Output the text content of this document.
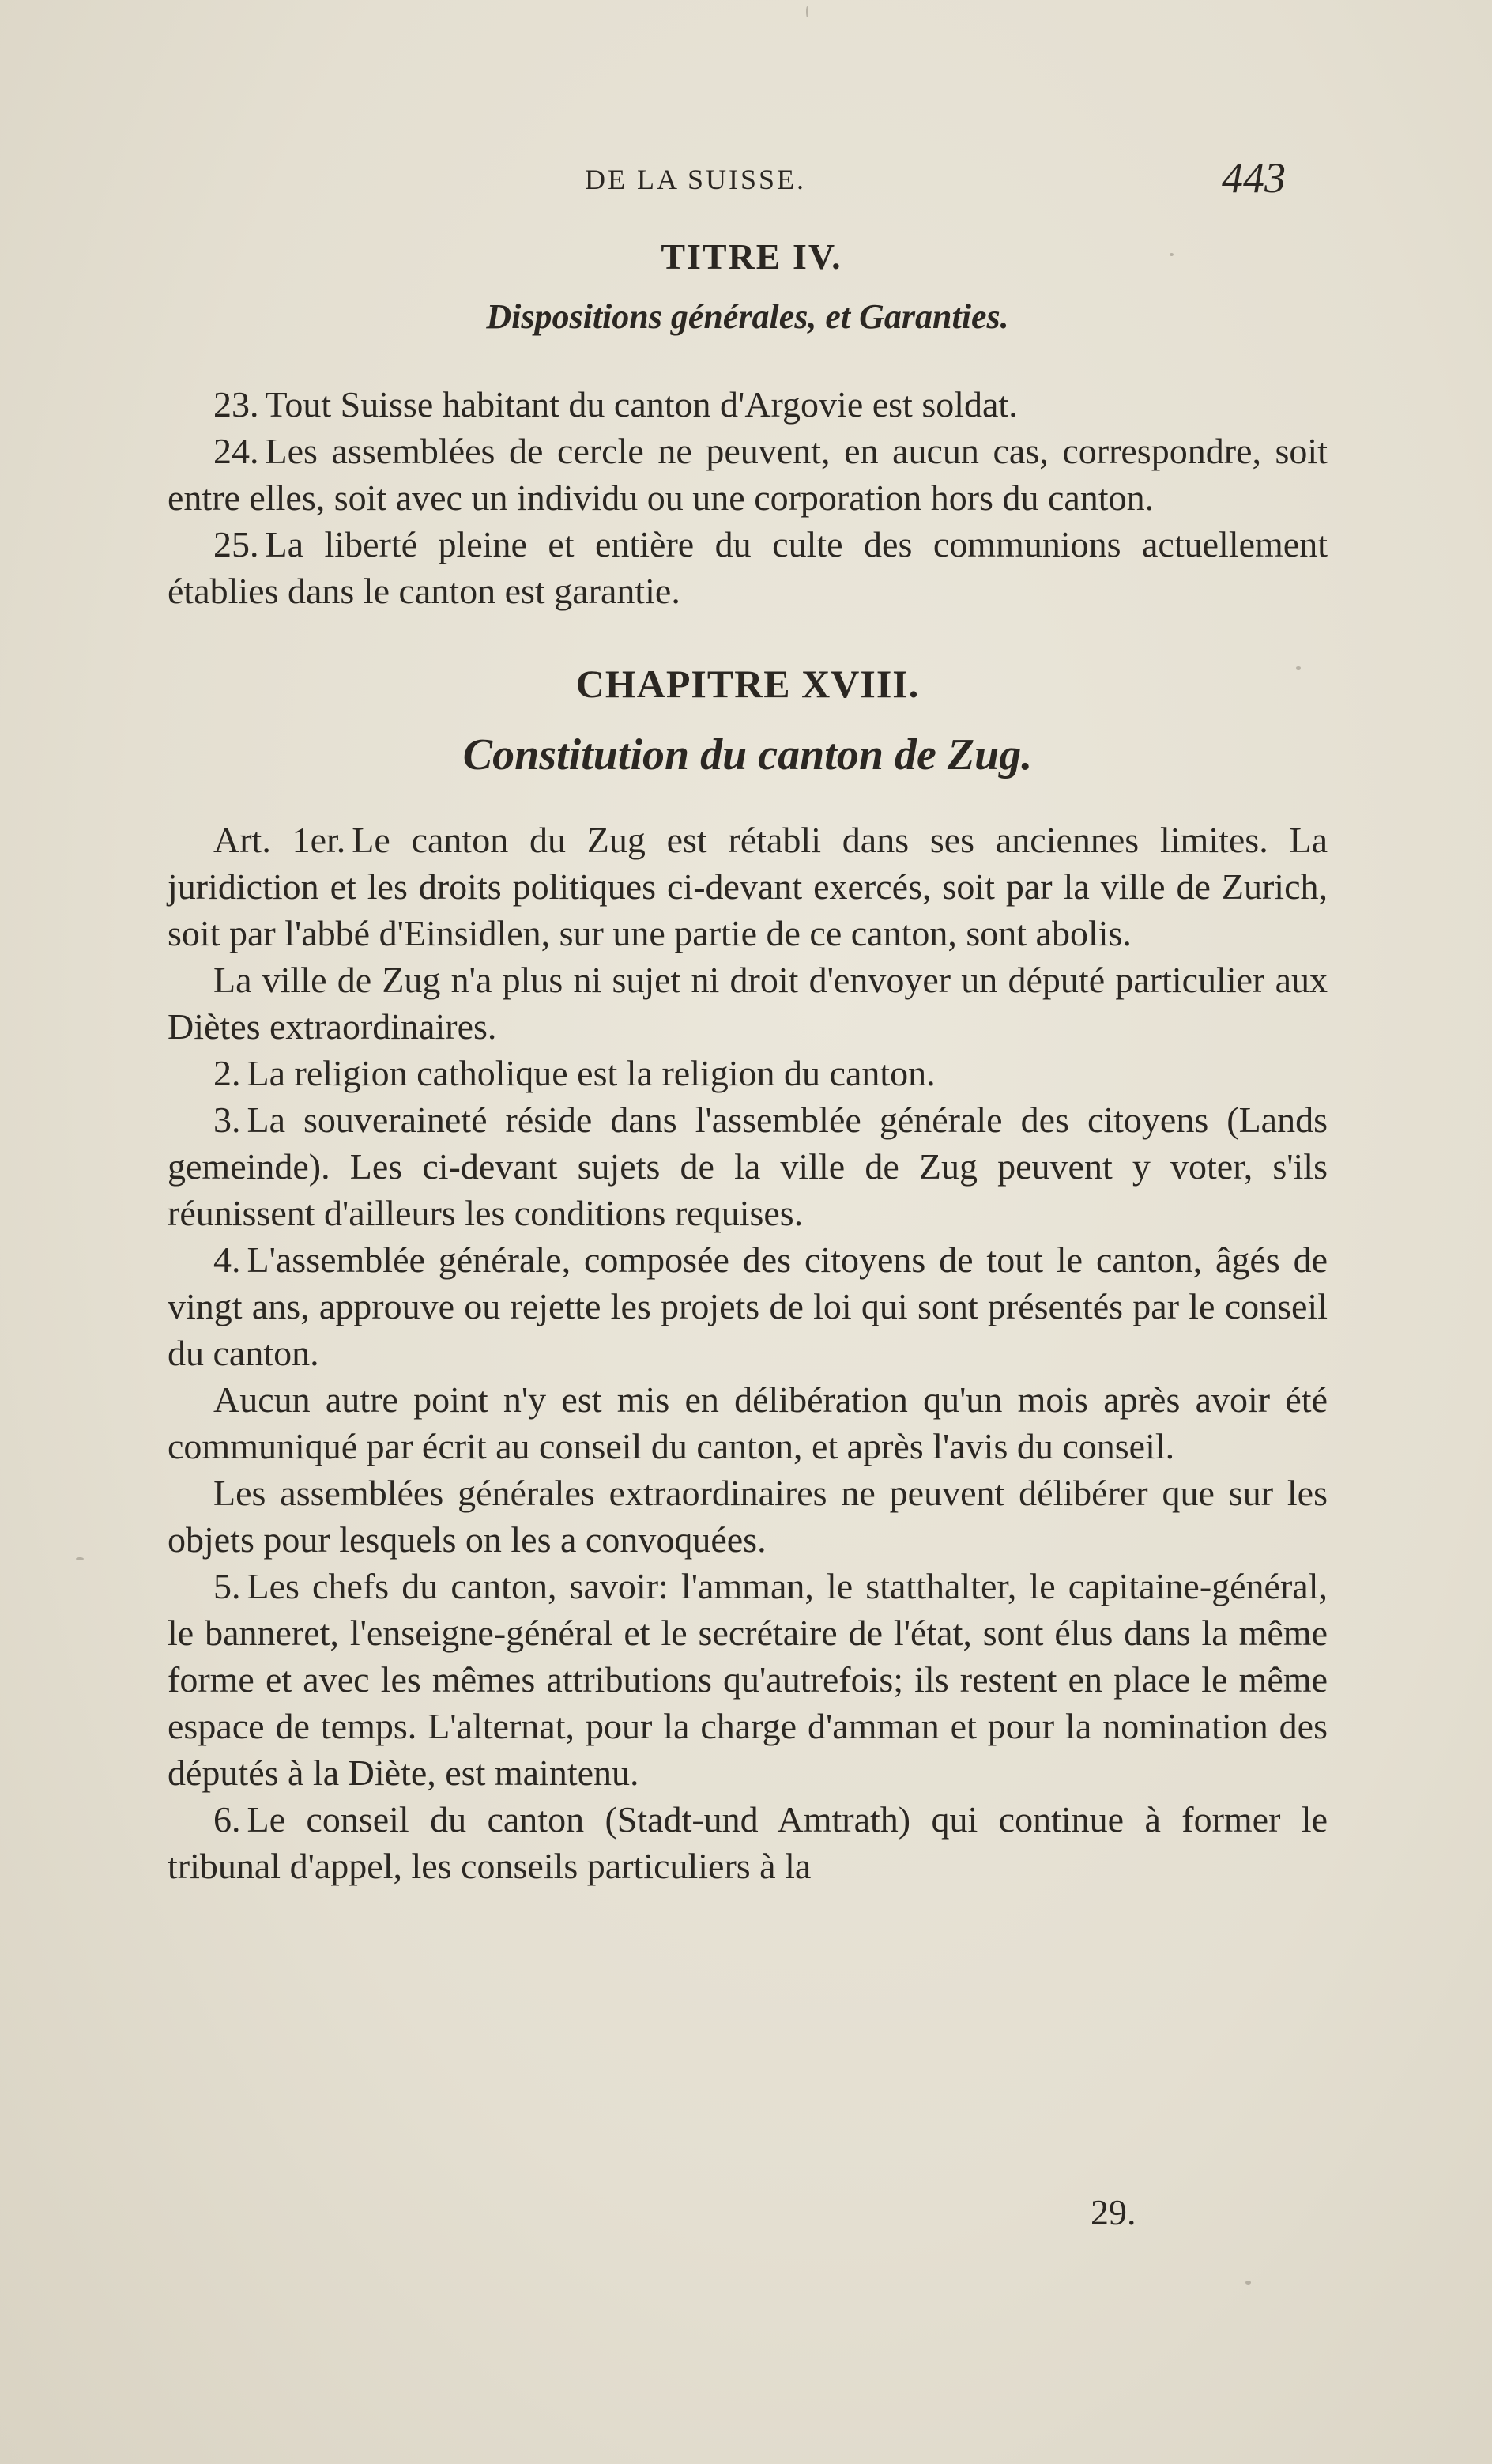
DE LA SUISSE.	443
TITRE IV.
Dispositions générales, et Garanties.

23. Tout Suisse habitant du canton d'Argovie est soldat.

24. Les assemblées de cercle ne peuvent, en aucun cas, correspondre, soit entre elles, soit avec un individu ou une corporation hors du canton.

25. La liberté pleine et entière du culte des communions actuellement établies dans le canton est garantie.

CHAPITRE XVIII.
Constitution du canton de Zug.

Art. 1er. Le canton du Zug est rétabli dans ses anciennes limites. La juridiction et les droits politiques ci-devant exercés, soit par la ville de Zurich, soit par l'abbé d'Einsidlen, sur une partie de ce canton, sont abolis.

La ville de Zug n'a plus ni sujet ni droit d'envoyer un député particulier aux Diètes extraordinaires.

2. La religion catholique est la religion du canton.

3. La souveraineté réside dans l'assemblée générale des citoyens (Lands gemeinde). Les ci-devant sujets de la ville de Zug peuvent y voter, s'ils réunissent d'ailleurs les conditions requises.

4. L'assemblée générale, composée des citoyens de tout le canton, âgés de vingt ans, approuve ou rejette les projets de loi qui sont présentés par le conseil du canton.

Aucun autre point n'y est mis en délibération qu'un mois après avoir été communiqué par écrit au conseil du canton, et après l'avis du conseil.

Les assemblées générales extraordinaires ne peuvent délibérer que sur les objets pour lesquels on les a convoquées.

5. Les chefs du canton, savoir: l'amman, le statthalter, le capitaine-général, le banneret, l'enseigne-général et le secrétaire de l'état, sont élus dans la même forme et avec les mêmes attributions qu'autrefois; ils restent en place le même espace de temps. L'alternat, pour la charge d'amman et pour la nomination des députés à la Diète, est maintenu.

6. Le conseil du canton (Stadt-und Amtrath) qui continue à former le tribunal d'appel, les conseils particuliers à la

29.
